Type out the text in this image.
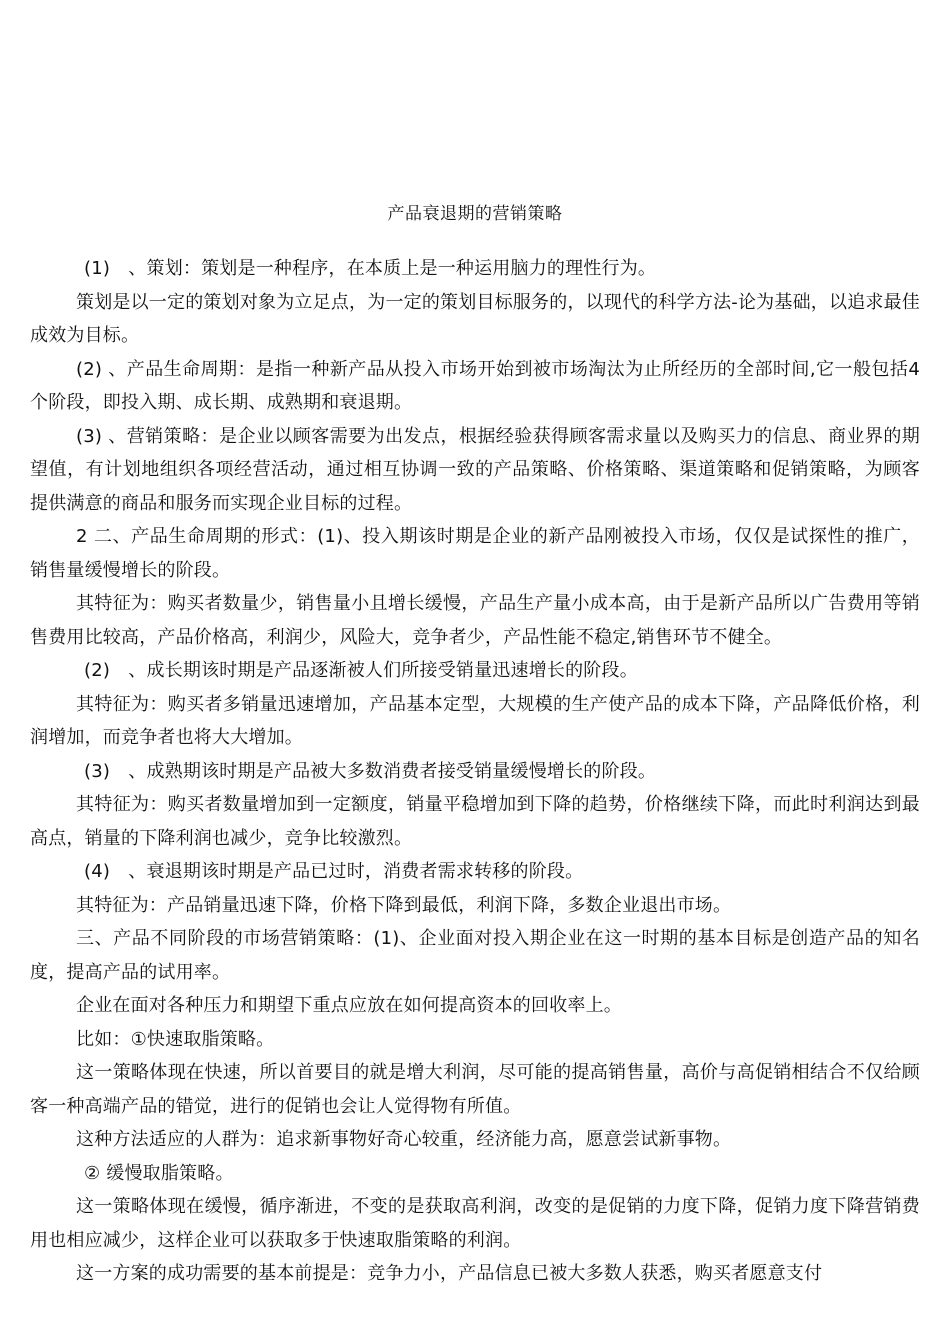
产品衰退期的营销策略

(1)　、策划：策划是一种程序，在本质上是一种运用脑力的理性行为。

策划是以一定的策划对象为立足点，为一定的策划目标服务的，以现代的科学方法-论为基础，以追求最佳成效为目标。

(2) 、产品生命周期：是指一种新产品从投入市场开始到被市场淘汰为止所经历的全部时间,它一般包括4个阶段，即投入期、成长期、成熟期和衰退期。

(3) 、营销策略：是企业以顾客需要为出发点，根据经验获得顾客需求量以及购买力的信息、商业界的期望值，有计划地组织各项经营活动，通过相互协调一致的产品策略、价格策略、渠道策略和促销策略，为顾客提供满意的商品和服务而实现企业目标的过程。

2 二、产品生命周期的形式：(1)、投入期该时期是企业的新产品刚被投入市场，仅仅是试探性的推广，销售量缓慢增长的阶段。

其特征为：购买者数量少，销售量小且增长缓慢，产品生产量小成本高，由于是新产品所以广告费用等销售费用比较高，产品价格高，利润少，风险大，竞争者少，产品性能不稳定,销售环节不健全。

(2)　、成长期该时期是产品逐渐被人们所接受销量迅速增长的阶段。

其特征为：购买者多销量迅速增加，产品基本定型，大规模的生产使产品的成本下降，产品降低价格，利润增加，而竞争者也将大大增加。

(3)　、成熟期该时期是产品被大多数消费者接受销量缓慢增长的阶段。

其特征为：购买者数量增加到一定额度，销量平稳增加到下降的趋势，价格继续下降，而此时利润达到最高点，销量的下降利润也减少，竞争比较激烈。

(4)　、衰退期该时期是产品已过时，消费者需求转移的阶段。

其特征为：产品销量迅速下降，价格下降到最低，利润下降，多数企业退出市场。

三、产品不同阶段的市场营销策略：(1)、企业面对投入期企业在这一时期的基本目标是创造产品的知名度，提高产品的试用率。

企业在面对各种压力和期望下重点应放在如何提高资本的回收率上。

比如：①快速取脂策略。

这一策略体现在快速，所以首要目的就是增大利润，尽可能的提高销售量，高价与高促销相结合不仅给顾客一种高端产品的错觉，进行的促销也会让人觉得物有所值。

这种方法适应的人群为：追求新事物好奇心较重，经济能力高，愿意尝试新事物。

② 缓慢取脂策略。

这一策略体现在缓慢，循序渐进，不变的是获取高利润，改变的是促销的力度下降，促销力度下降营销费用也相应减少，这样企业可以获取多于快速取脂策略的利润。

这一方案的成功需要的基本前提是：竞争力小，产品信息已被大多数人获悉，购买者愿意支付
